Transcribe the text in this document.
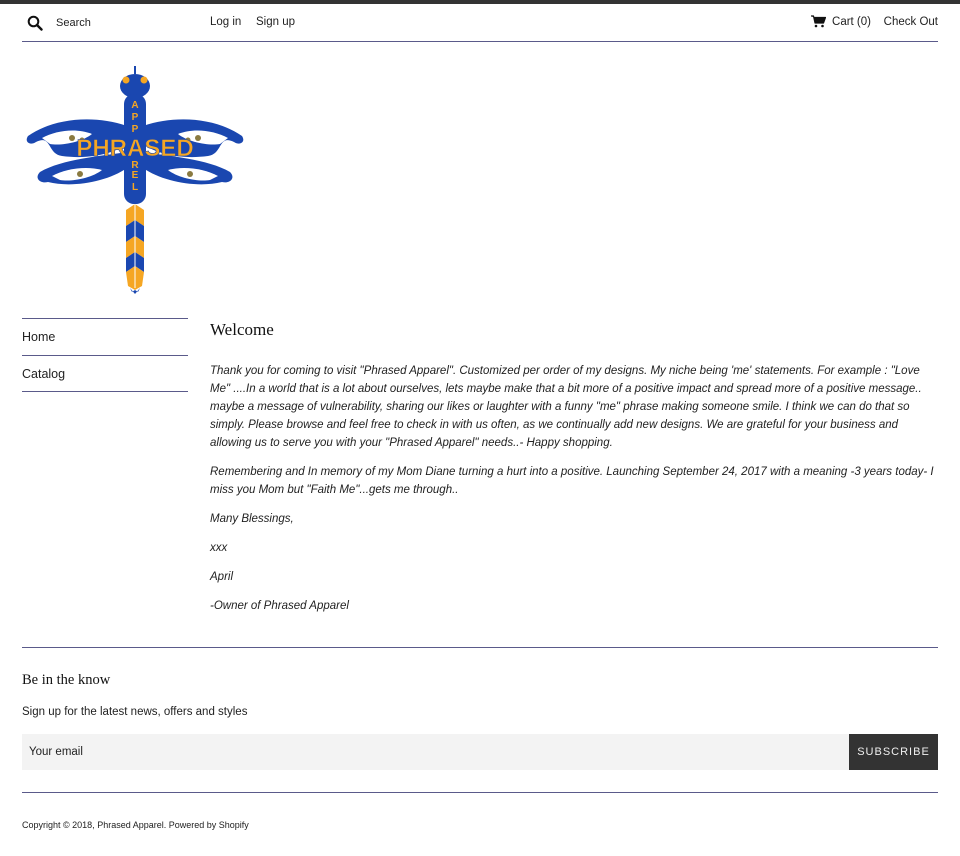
Search
Log in Sign up	Cart (0) Check Out
PHRASED
A
P
P
R
E
L
Home
Catalog
Welcome

Thank you for coming to visit "Phrased Apparel". Customized per order of my designs. My niche being 'me' statements. For example : "Love Me" ....In a world that is a lot about ourselves, lets maybe make that a bit more of a positive impact and spread more of a positive message.. maybe a message of vulnerability, sharing our likes or laughter with a funny "me" phrase making someone smile. I think we can do that so simply. Please browse and feel free to check in with us often, as we continually add new designs. We are grateful for your business and allowing us to serve you with your "Phrased Apparel" needs..- Happy shopping.

Remembering and In memory of my Mom Diane turning a hurt into a positive. Launching September 24, 2017 with a meaning -3 years today- I miss you Mom but "Faith Me"...gets me through..

Many Blessings,

xxx

April

-Owner of Phrased Apparel

Be in the know
Sign up for the latest news, offers and styles
Your email
SUBSCRIBE
Copyright © 2018, Phrased Apparel. Powered by Shopify
